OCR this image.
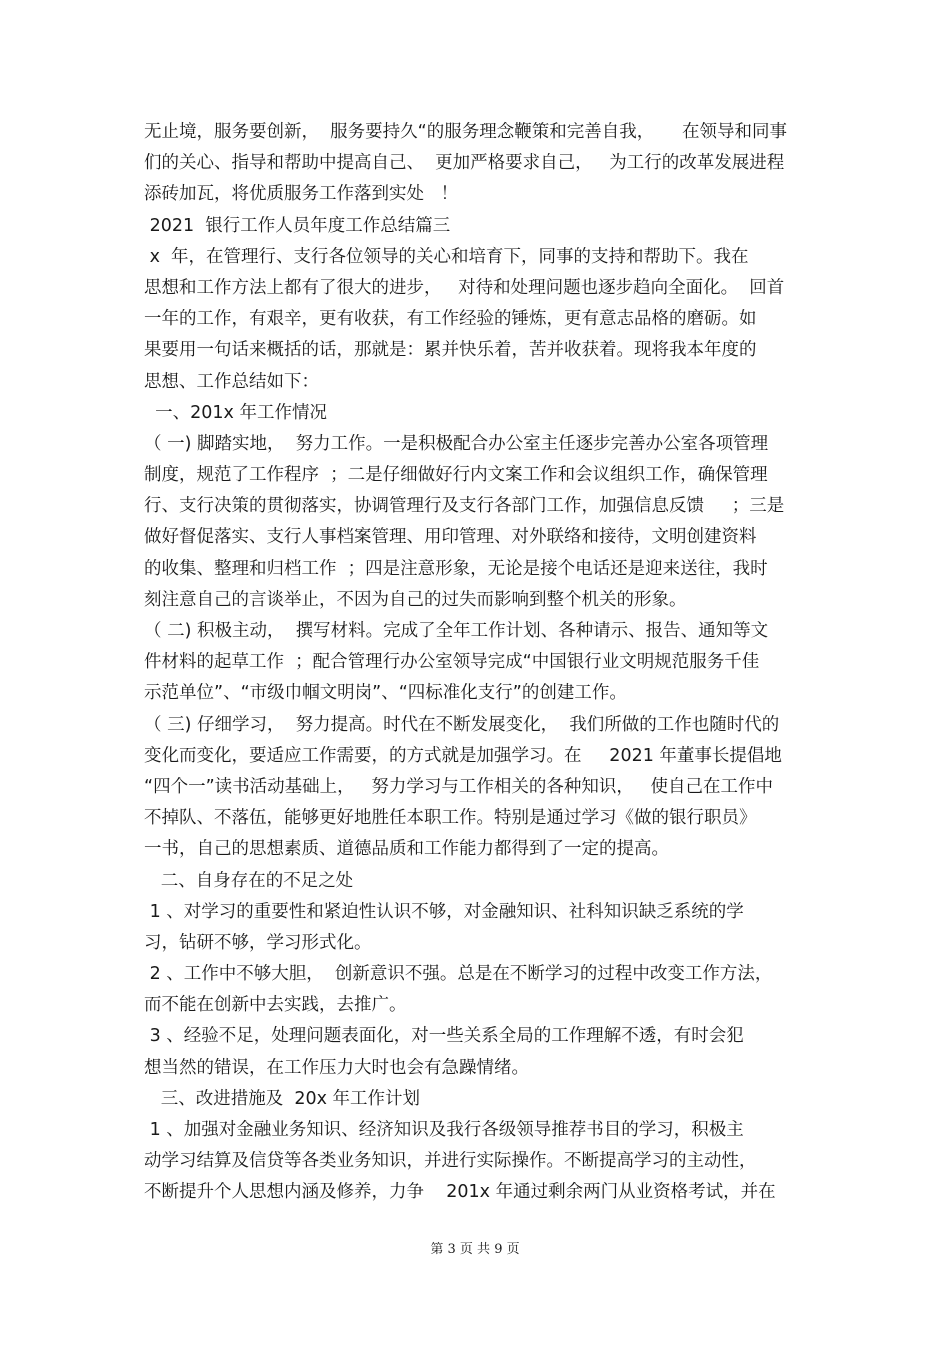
无止境，服务要创新，  服务要持久“的服务理念鞭策和完善自我，     在领导和同事
们的关心、指导和帮助中提高自己、  更加严格要求自己，   为工行的改革发展进程
添砖加瓦，将优质服务工作落到实处   ！
2021  银行工作人员年度工作总结篇三
x  年，在管理行、支行各位领导的关心和培育下，同事的支持和帮助下。我在
思想和工作方法上都有了很大的进步，   对待和处理问题也逐步趋向全面化。  回首
一年的工作，有艰辛，更有收获，有工作经验的锤炼，更有意志品格的磨砺。如
果要用一句话来概括的话，那就是：累并快乐着，苦并收获着。现将我本年度的
思想、工作总结如下：
一、201x 年工作情况
（ 一) 脚踏实地，  努力工作。一是积极配合办公室主任逐步完善办公室各项管理
制度，规范了工作程序  ；二是仔细做好行内文案工作和会议组织工作，确保管理
行、支行决策的贯彻落实，协调管理行及支行各部门工作，加强信息反馈     ；三是
做好督促落实、支行人事档案管理、用印管理、对外联络和接待，文明创建资料
的收集、整理和归档工作  ；四是注意形象，无论是接个电话还是迎来送往，我时
刻注意自己的言谈举止，不因为自己的过失而影响到整个机关的形象。
（ 二) 积极主动，  撰写材料。完成了全年工作计划、各种请示、报告、通知等文
件材料的起草工作  ；配合管理行办公室领导完成“中国银行业文明规范服务千佳
示范单位”、“市级巾帼文明岗”、“四标准化支行”的创建工作。
（ 三) 仔细学习，  努力提高。时代在不断发展变化，  我们所做的工作也随时代的
变化而变化，要适应工作需要，的方式就是加强学习。在     2021 年董事长提倡地
“四个一”读书活动基础上，   努力学习与工作相关的各种知识，   使自己在工作中
不掉队、不落伍，能够更好地胜任本职工作。特别是通过学习《做的银行职员》
一书，自己的思想素质、道德品质和工作能力都得到了一定的提高。
二、自身存在的不足之处
1 、对学习的重要性和紧迫性认识不够，对金融知识、社科知识缺乏系统的学
习，钻研不够，学习形式化。
2 、工作中不够大胆，  创新意识不强。总是在不断学习的过程中改变工作方法，
而不能在创新中去实践，去推广。
3 、经验不足，处理问题表面化，对一些关系全局的工作理解不透，有时会犯
想当然的错误，在工作压力大时也会有急躁情绪。
三、改进措施及  20x 年工作计划
1 、加强对金融业务知识、经济知识及我行各级领导推荐书目的学习，积极主
动学习结算及信贷等各类业务知识，并进行实际操作。不断提高学习的主动性，
不断提升个人思想内涵及修养，力争    201x 年通过剩余两门从业资格考试，并在
第 3 页 共 9 页
